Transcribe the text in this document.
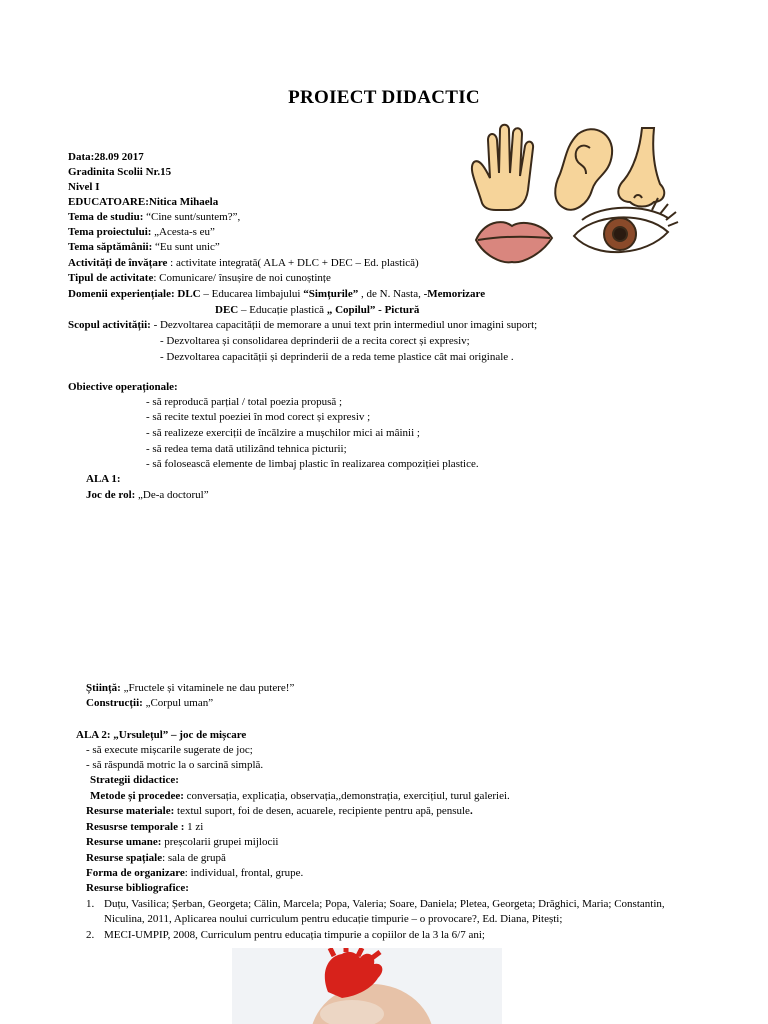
PROIECT DIDACTIC
Data:28.09 2017
Gradinita Scolii Nr.15
Nivel I
EDUCATOARE:Nitica Mihaela
Tema de studiu: “Cine sunt/suntem?”,
Tema proiectului: „Acesta-s eu”
Tema săptămânii: “Eu sunt unic”
Activități de învățare : activitate integrată( ALA + DLC + DEC – Ed. plastică)
Tipul de activitate: Comunicare/ însușire de noi cunoștințe
Domenii experiențiale: DLC – Educarea limbajului “Simțurile” , de N. Nasta, -Memorizare
DEC – Educație plastică „ Copilul” - Pictură
Scopul activității: - Dezvoltarea capacității de memorare a unui text prin intermediul unor imagini suport;
- Dezvoltarea și consolidarea deprinderii de a recita corect și expresiv;
- Dezvoltarea capacității și deprinderii de a reda teme plastice cât mai originale .
Obiective operaționale:
- să reproducă parțial / total poezia propusă ;
- să recite textul poeziei în mod corect și expresiv ;
- să realizeze exerciții de încălzire a mușchilor mici ai mâinii ;
- să redea tema dată utilizând tehnica picturii;
- să folosească elemente de limbaj plastic în realizarea compoziției plastice.
ALA 1:
Joc de rol: „De-a doctorul”
Știință: „Fructele și vitaminele ne dau putere!”
Construcții: „Corpul uman”
ALA 2: „Ursulețul” – joc de mișcare
- să execute mișcarile sugerate de joc;
- să răspundă motric la o sarcină simplă.
Strategii didactice:
Metode și procedee: conversația, explicația, observația,,demonstrația, exercițiul, turul galeriei.
Resurse materiale: textul suport, foi de desen, acuarele, recipiente pentru apă, pensule.
Resusrse temporale : 1 zi
Resurse umane: preșcolarii grupei mijlocii
Resurse spațiale: sala de grupă
Forma de organizare: individual, frontal, grupe.
Resurse bibliografice:
1. Duțu, Vasilica; Șerban, Georgeta; Călin, Marcela; Popa, Valeria; Soare, Daniela; Pletea, Georgeta; Drăghici, Maria; Constantin,
Niculina, 2011, Aplicarea noului curriculum pentru educație timpurie – o provocare?, Ed. Diana, Pitești;
2. MECI-UMPIP, 2008, Curriculum pentru educația timpurie a copiilor de la 3 la 6/7 ani;
